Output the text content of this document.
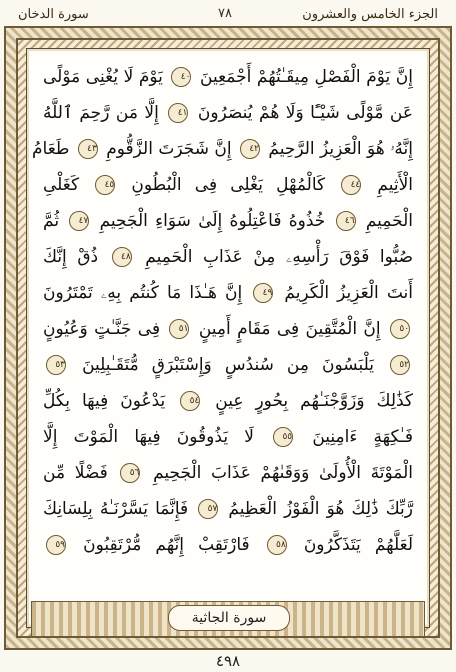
سورة الدخان	٧٨	الجزء الخامس والعشرون
إِنَّ يَوْمَ الْفَصْلِ مِيقَـٰتُهُمْ أَجْمَعِينَ ٤٠ يَوْمَ لَا يُغْنِى مَوْلًى
عَن مَّوْلًى شَيْـًٔا وَلَا هُمْ يُنصَرُونَ ٤١ إِلَّا مَن رَّحِمَ ٱللَّهُ
إِنَّهُۥ هُوَ الْعَزِيزُ الرَّحِيمُ ٤٢ إِنَّ شَجَرَتَ الزَّقُّومِ ٤٣ طَعَامُ
الْأَثِيمِ ٤٤ كَالْمُهْلِ يَغْلِى فِى الْبُطُونِ ٤٥ كَغَلْىِ
الْحَمِيمِ ٤٦ خُذُوهُ فَاعْتِلُوهُ إِلَىٰ سَوَاءِ الْجَحِيمِ ٤٧ ثُمَّ
صُبُّوا فَوْقَ رَأْسِهِۦ مِنْ عَذَابِ الْحَمِيمِ ٤٨ ذُقْ إِنَّكَ
أَنتَ الْعَزِيزُ الْكَرِيمُ ٤٩ إِنَّ هَـٰذَا مَا كُنتُم بِهِۦ تَمْتَرُونَ
٥٠ إِنَّ الْمُتَّقِينَ فِى مَقَامٍ أَمِينٍ ٥١ فِى جَنَّـٰتٍ وَعُيُونٍ
٥٢ يَلْبَسُونَ مِن سُندُسٍ وَإِسْتَبْرَقٍ مُّتَقَـٰبِلِينَ ٥٣
كَذَٰلِكَ وَزَوَّجْنَـٰهُم بِحُورٍ عِينٍ ٥٤ يَدْعُونَ فِيهَا بِكُلِّ
فَـٰكِهَةٍ ءَامِنِينَ ٥٥ لَا يَذُوقُونَ فِيهَا الْمَوْتَ إِلَّا
الْمَوْتَةَ الْأُولَىٰ وَوَقَىٰهُمْ عَذَابَ الْجَحِيمِ ٥٦ فَضْلًا مِّن
رَّبِّكَ ذَٰلِكَ هُوَ الْفَوْزُ الْعَظِيمُ ٥٧ فَإِنَّمَا يَسَّرْنَـٰهُ بِلِسَانِكَ
لَعَلَّهُمْ يَتَذَكَّرُونَ ٥٨ فَارْتَقِبْ إِنَّهُم مُّرْتَقِبُونَ ٥٩
سورة الجاثية
٤٩٨
